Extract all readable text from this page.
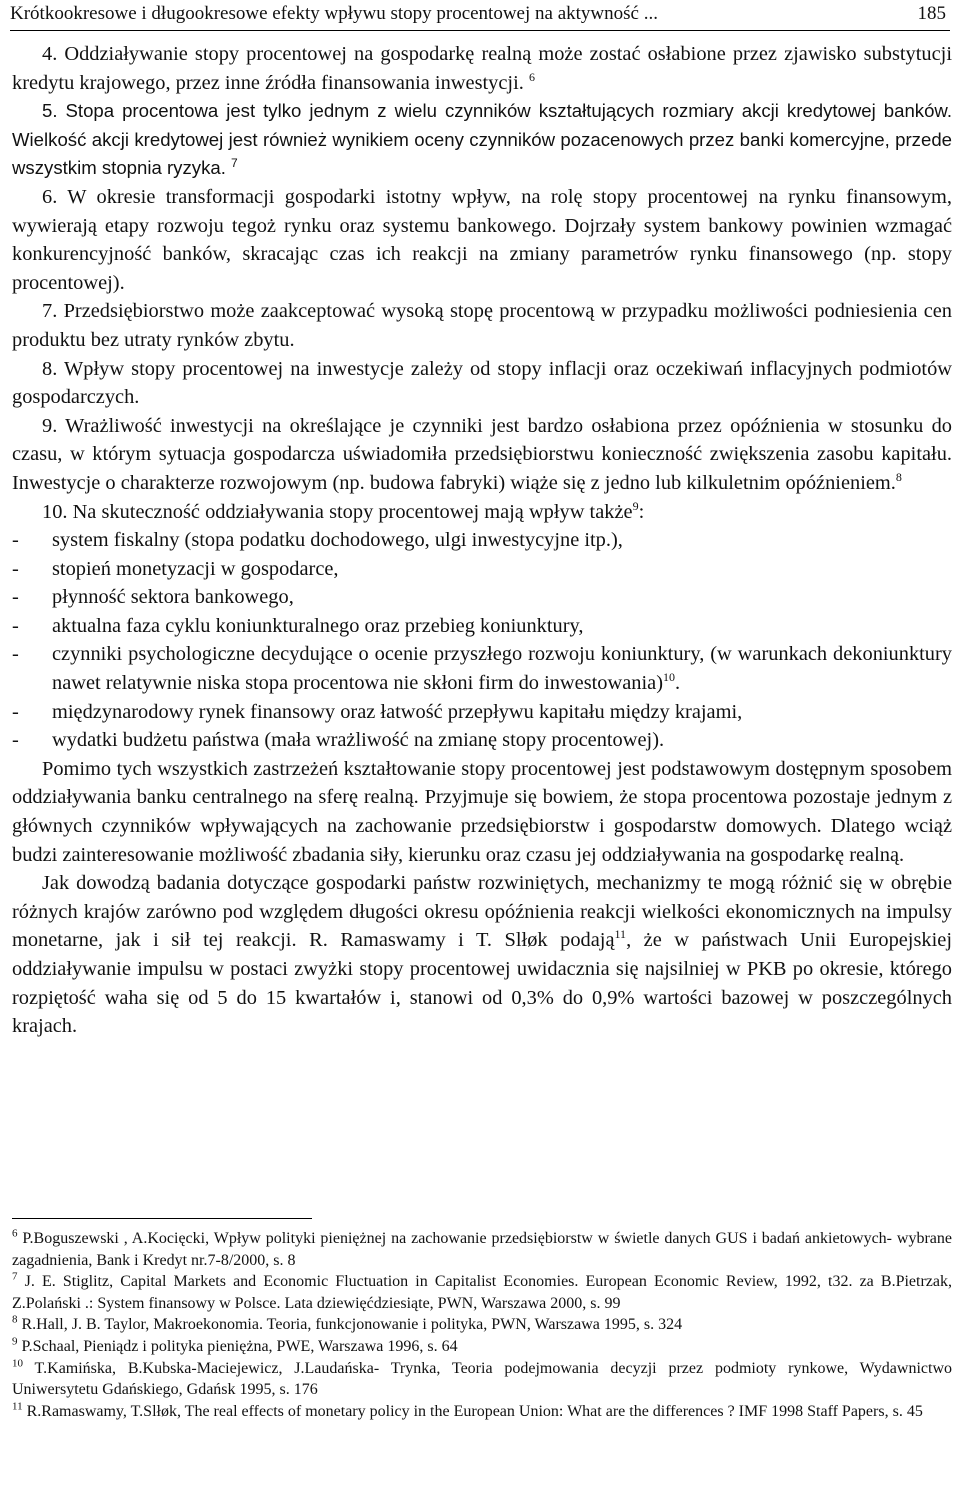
Krótkookresowe i długookresowe efekty wpływu stopy procentowej na aktywność ...	185

4. Oddziaływanie stopy procentowej na gospodarkę realną może zostać osłabione przez zjawisko substytucji kredytu krajowego, przez inne źródła finansowania inwestycji. $^6$

5. Stopa procentowa jest tylko jednym z wielu czynników kształtujących rozmiary akcji kredytowej banków. Wielkość akcji kredytowej jest również wynikiem oceny czynników pozacenowych przez banki komercyjne, przede wszystkim stopnia ryzyka. $^7$

6. W okresie transformacji gospodarki istotny wpływ, na rolę stopy procentowej na rynku finansowym, wywierają etapy rozwoju tegoż rynku oraz systemu bankowego. Dojrzały system bankowy powinien wzmagać konkurencyjność banków, skracając czas ich reakcji na zmiany parametrów rynku finansowego (np. stopy procentowej).

7. Przedsiębiorstwo może zaakceptować wysoką stopę procentową w przypadku możliwości podniesienia cen produktu bez utraty rynków zbytu.

8. Wpływ stopy procentowej na inwestycje zależy od stopy inflacji oraz oczekiwań inflacyjnych podmiotów gospodarczych.

9. Wrażliwość inwestycji na określające je czynniki jest bardzo osłabiona przez opóźnienia w stosunku do czasu, w którym sytuacja gospodarcza uświadomiła przedsiębiorstwu konieczność zwiększenia zasobu kapitału. Inwestycje o charakterze rozwojowym (np. budowa fabryki) wiąże się z jedno lub kilkuletnim opóźnieniem.$^8$

10. Na skuteczność oddziaływania stopy procentowej mają wpływ także$^9$:

- system fiskalny (stopa podatku dochodowego, ulgi inwestycyjne itp.),

- stopień monetyzacji w gospodarce,

- płynność sektora bankowego,

- aktualna faza cyklu koniunkturalnego oraz przebieg koniunktury,

- czynniki psychologiczne decydujące o ocenie przyszłego rozwoju koniunktury, (w warunkach dekoniunktury nawet relatywnie niska stopa procentowa nie skłoni firm do inwestowania)$^{10}$.

- międzynarodowy rynek finansowy oraz łatwość przepływu kapitału między krajami,

- wydatki budżetu państwa (mała wrażliwość na zmianę stopy procentowej).

Pomimo tych wszystkich zastrzeżeń kształtowanie stopy procentowej jest podstawowym dostępnym sposobem oddziaływania banku centralnego na sferę realną. Przyjmuje się bowiem, że stopa procentowa pozostaje jednym z głównych czynników wpływających na zachowanie przedsiębiorstw i gospodarstw domowych. Dlatego wciąż budzi zainteresowanie możliwość zbadania siły, kierunku oraz czasu jej oddziaływania na gospodarkę realną.

Jak dowodzą badania dotyczące gospodarki państw rozwiniętych, mechanizmy te mogą różnić się w obrębie różnych krajów zarówno pod względem długości okresu opóźnienia reakcji wielkości ekonomicznych na impulsy monetarne, jak i sił tej reakcji. R. Ramaswamy i T. Slłøk podają$^{11}$, że w państwach Unii Europejskiej oddziaływanie impulsu w postaci zwyżki stopy procentowej uwidacznia się najsilniej w PKB po okresie, którego rozpiętość waha się od 5 do 15 kwartałów i, stanowi od 0,3% do 0,9% wartości bazowej w poszczególnych krajach.

$^6$ P.Boguszewski , A.Kocięcki, Wpływ polityki pieniężnej na zachowanie przedsiębiorstw w świetle danych GUS i badań ankietowych- wybrane zagadnienia, Bank i Kredyt nr.7-8/2000, s. 8

$^7$ J. E. Stiglitz, Capital Markets and Economic Fluctuation in Capitalist Economies. European Economic Review, 1992, t32. za B.Pietrzak, Z.Polański .: System finansowy w Polsce. Lata dziewięćdziesiąte, PWN, Warszawa 2000, s. 99

$^8$ R.Hall, J. B. Taylor, Makroekonomia. Teoria, funkcjonowanie i polityka, PWN, Warszawa 1995, s. 324

$^9$ P.Schaal, Pieniądz i polityka pieniężna, PWE, Warszawa 1996, s. 64

$^{10}$ T.Kamińska, B.Kubska-Maciejewicz, J.Laudańska- Trynka, Teoria podejmowania decyzji przez podmioty rynkowe, Wydawnictwo Uniwersytetu Gdańskiego, Gdańsk 1995, s. 176

$^{11}$ R.Ramaswamy, T.Slłøk, The real effects of monetary policy in the European Union: What are the differences ? IMF 1998 Staff Papers, s. 45
